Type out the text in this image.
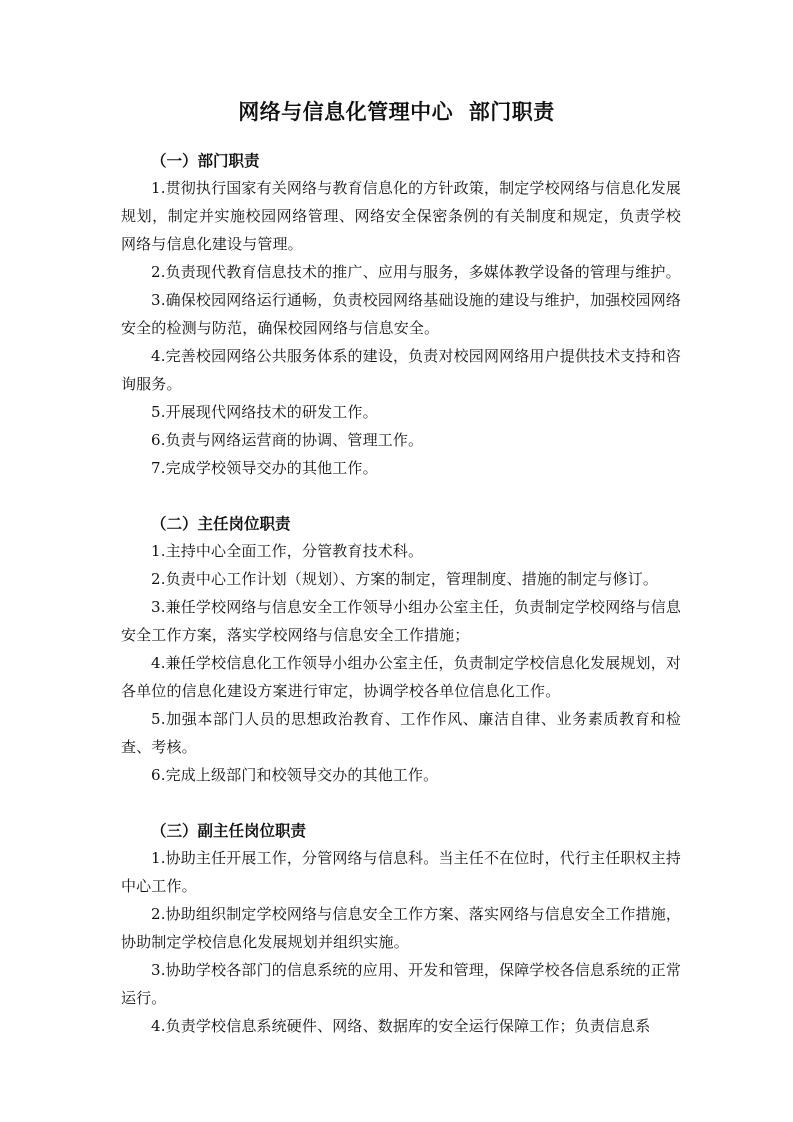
网络与信息化管理中心  部门职责

（一）部门职责

1.贯彻执行国家有关网络与教育信息化的方针政策，制定学校网络与信息化发展规划，制定并实施校园网络管理、网络安全保密条例的有关制度和规定，负责学校网络与信息化建设与管理。

2.负责现代教育信息技术的推广、应用与服务，多媒体教学设备的管理与维护。

3.确保校园网络运行通畅，负责校园网络基础设施的建设与维护，加强校园网络安全的检测与防范，确保校园网络与信息安全。

4.完善校园网络公共服务体系的建设，负责对校园网网络用户提供技术支持和咨询服务。

5.开展现代网络技术的研发工作。

6.负责与网络运营商的协调、管理工作。

7.完成学校领导交办的其他工作。

（二）主任岗位职责

1.主持中心全面工作，分管教育技术科。

2.负责中心工作计划（规划）、方案的制定，管理制度、措施的制定与修订。

3.兼任学校网络与信息安全工作领导小组办公室主任，负责制定学校网络与信息安全工作方案，落实学校网络与信息安全工作措施；

4.兼任学校信息化工作领导小组办公室主任，负责制定学校信息化发展规划，对各单位的信息化建设方案进行审定，协调学校各单位信息化工作。

5.加强本部门人员的思想政治教育、工作作风、廉洁自律、业务素质教育和检查、考核。

6.完成上级部门和校领导交办的其他工作。

（三）副主任岗位职责

1.协助主任开展工作，分管网络与信息科。当主任不在位时，代行主任职权主持中心工作。

2.协助组织制定学校网络与信息安全工作方案、落实网络与信息安全工作措施，协助制定学校信息化发展规划并组织实施。

3.协助学校各部门的信息系统的应用、开发和管理，保障学校各信息系统的正常运行。

4.负责学校信息系统硬件、网络、数据库的安全运行保障工作；负责信息系
